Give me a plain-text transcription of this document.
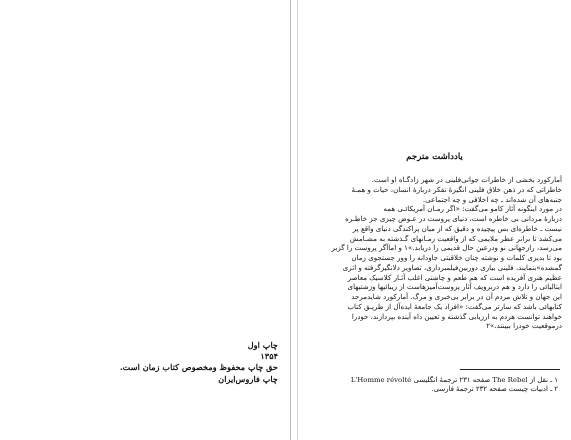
چاپ اول
۱۳۵۴
حق چاپ محفوظ ومخصوص کتاب زمان است.
چاپ فاروس‌ایران
یادداشت مترجم
آمارکورد بخشی از خاطرات جوانی‌فلینی در شهر زادگـاه او است.
خاطراتی که در ذهن خلاق فلینی انگیزهٔ تفکر دربارهٔ انسان، حیات و همـهٔ
جنبه‌های آن شده‌اند ـ چه اخلاقی و چه اجتماعی.
در مورد اینگونه آثار کامو می‌گفت: «اگر رمـان آمریکائـی همه
دربارهٔ مردانی بی خاطره است، دنیای پروست در عـوض چیزی جز خاطـره
نیست ـ خاطره‌ای بس پیچیده و دقیق که از میان پراکندگی دنیای واقع پر
می‌کشد تا برانر عطر ملایمی که از واقعیت زمـانهای گـذشته به مشـامش
می‌رسد، رازجهانی نو ودرعین حال قدیمی را دریابد.»۱ و اماآگر پروست را گزیر
بود تا بدیری کلمات و نوشته چنان خلاقیتی جاودانه را وور جستجوی زمان
گمشده»بنمایند، فلینی بیاری دوربین‌فیلمبرداری، تصاویر دلانگیزگرفته و اثری
عظیم هنری آفریده است که هم طعم و چاشنی اغلب آثـار کلاسیک معاصر
ایتالیائی را دارد و هم دربرویف آثار پروست‌آمیزهاست از زیبائیها وزشتیهای
این جهان و تلاش مردم آن در برابر بی‌خبری و مرگ. آمارکورد شایدمرحد
کتابهائی باشد که سارتر می‌گفت: «افراد یک جامعهٔ ایده‌آل از طریـق کتاب
خواهند توانست هردم به ارزیابی گذشته و تعیین داه آینده بپردازند، خودرا
درموقعیت خودرا ببینند.»۲
۱ ـ نقل از The Rebel صفحه ۲۳۱ ترجمهٔ انگلیسی L'Homme révolté
۲ ـ ادبیات چیست صفحه ۲۳۲ ترجمهٔ فارسی.
